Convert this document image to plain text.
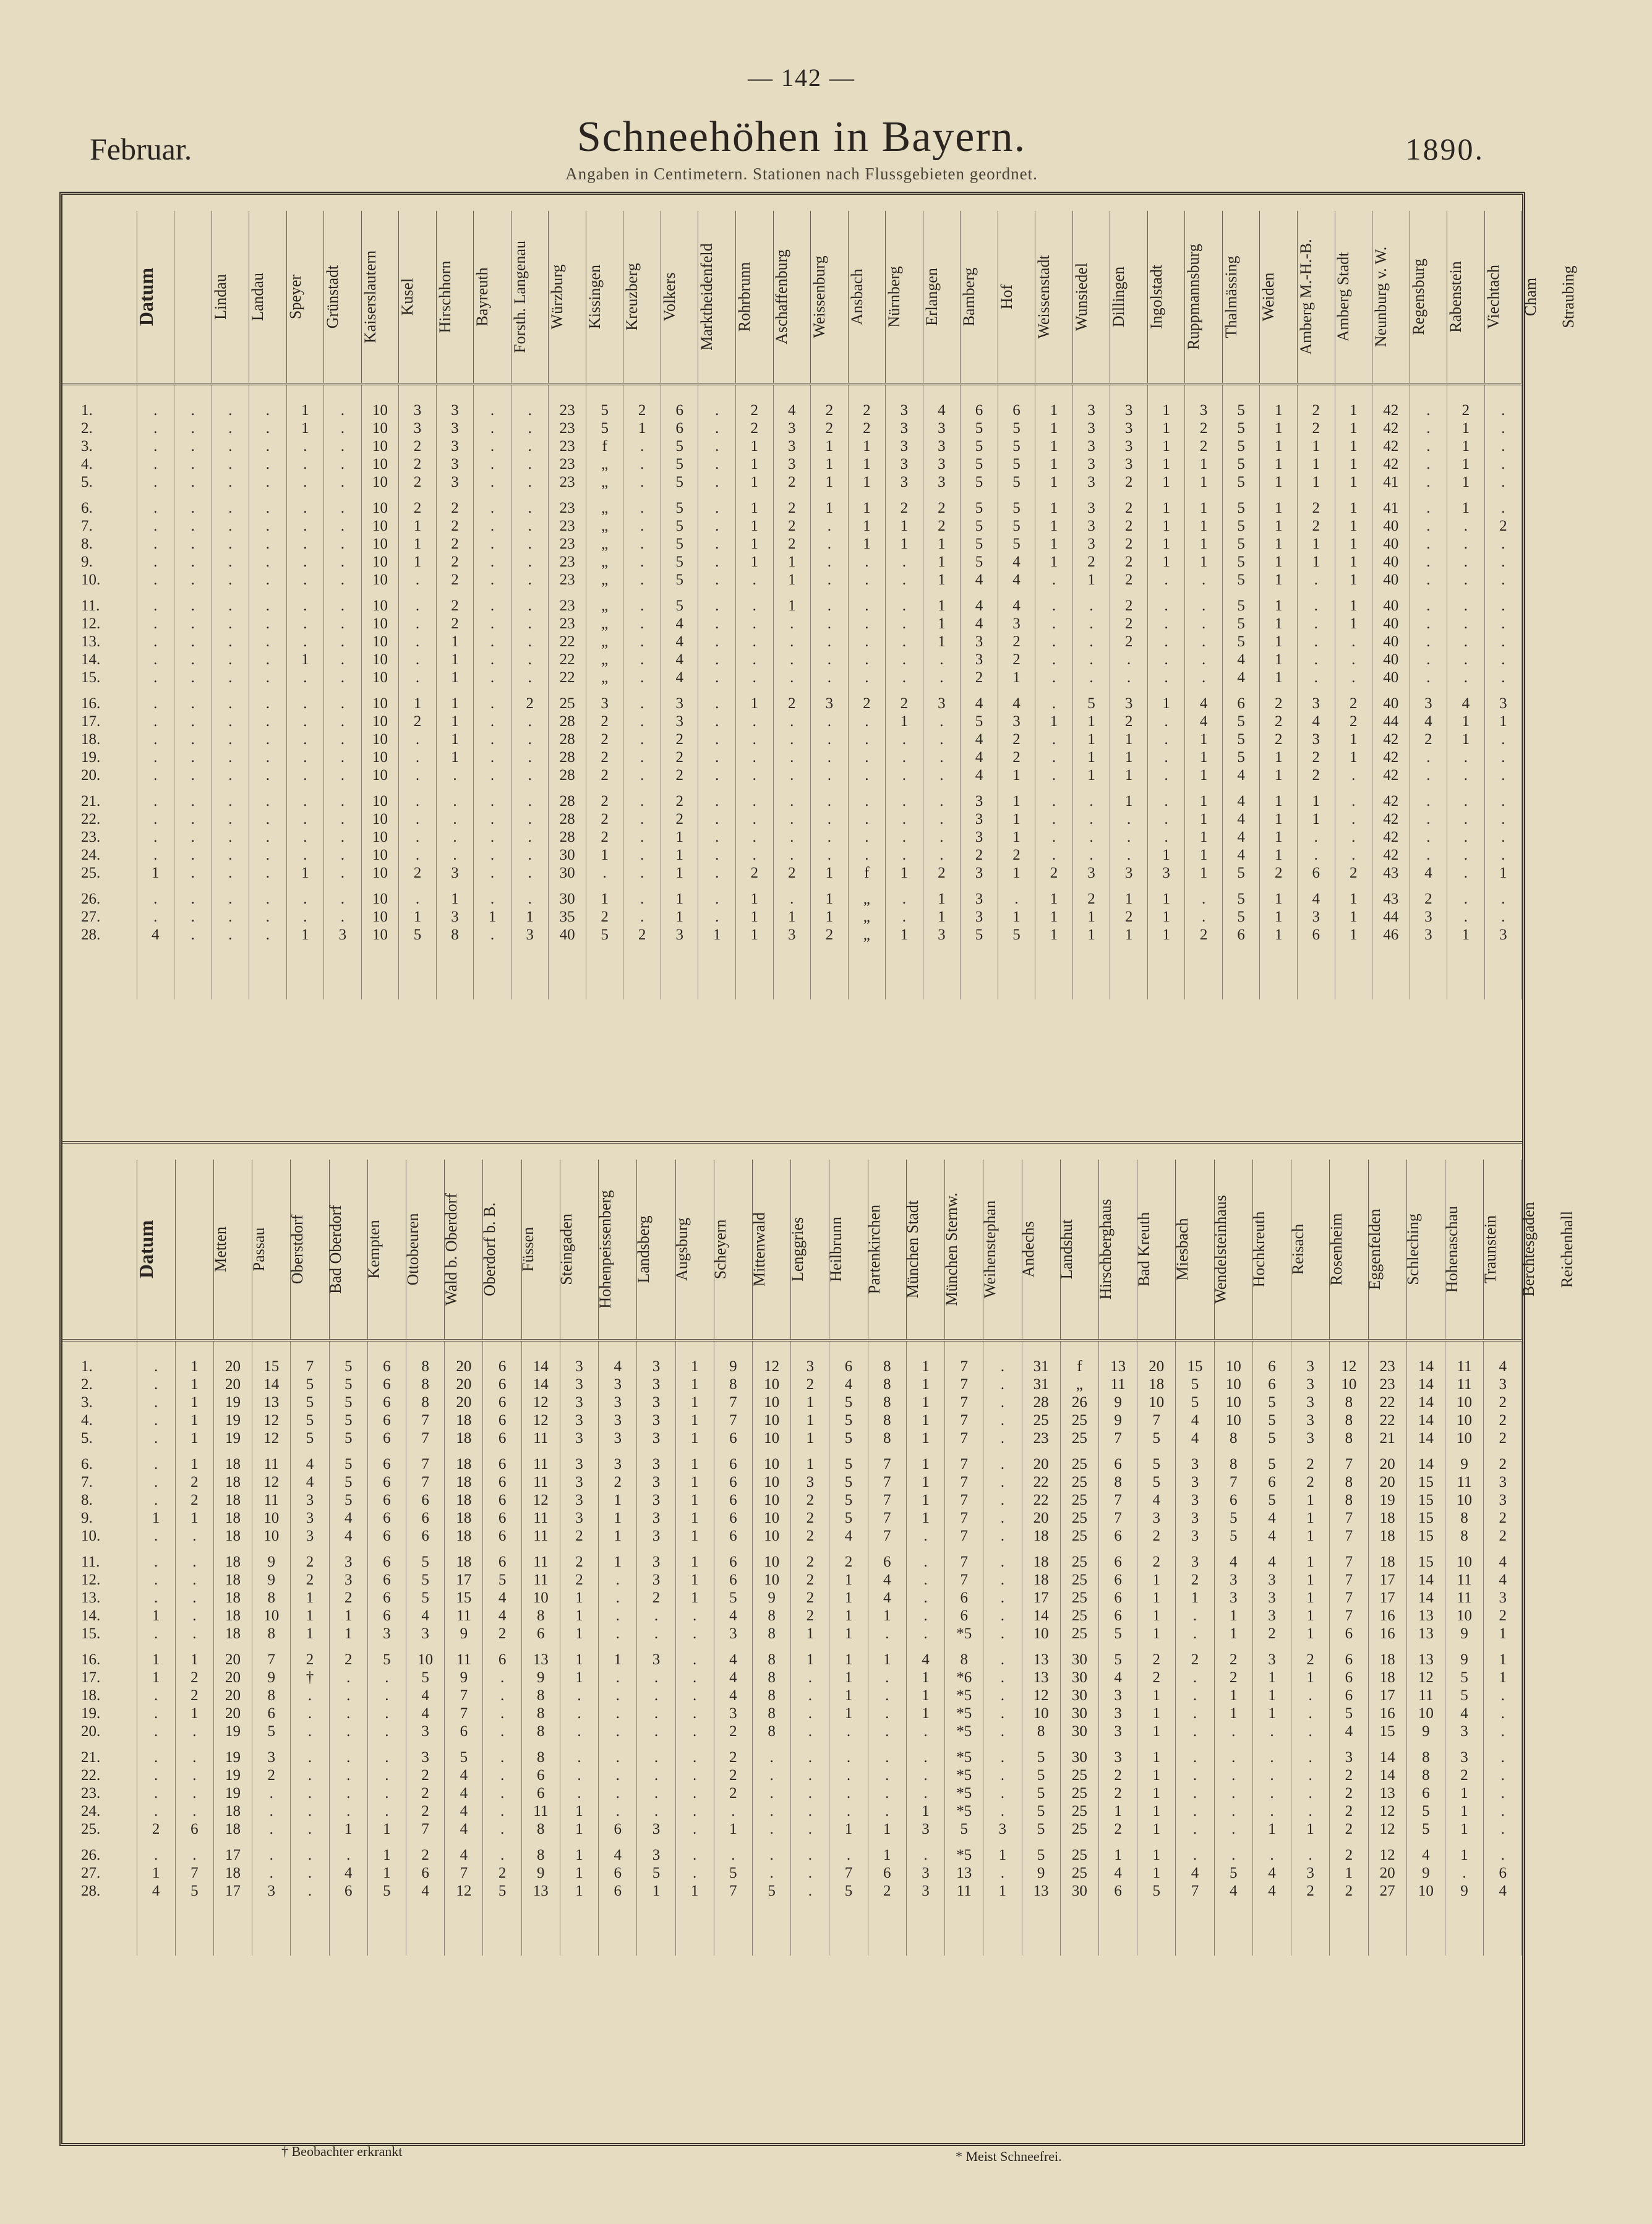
— 142 —
Februar.	Schneehöhen in Bayern.
Angaben in Centimetern. Stationen nach Flussgebieten geordnet.
1890.
Datum	Lindau	Landau	Speyer	Grünstadt	Kaiserslautern	Kusel	Hirschhorn	Bayreuth	Forsth. Langenau	Würzburg	Kissingen	Kreuzberg	Volkers	Marktheidenfeld	Rohrbrunn	Aschaffenburg	Weissenburg	Ansbach	Nürnberg	Erlangen	Bamberg	Hof	Weissenstadt	Wunsiedel	Dillingen	Ingolstadt	Ruppmannsburg	Thalmässing	Weiden	Amberg M.-H.-B.	Amberg Stadt	Neunburg v. W.	Regensburg	Rabenstein	Viechtach	Cham	Straubing

1.	.	.	.	.	1	.	10	3	3	.	.	23	5	2	6	.	2	4	2	2	3	4	6	6	1	3	3	1	3	5	1	2	1	42	.	2	.
2.	.	.	.	.	1	.	10	3	3	.	.	23	5	1	6	.	2	3	2	2	3	3	5	5	1	3	3	1	2	5	1	2	1	42	.	1	.
3.	.	.	.	.	.	.	10	2	3	.	.	23	f	.	5	.	1	3	1	1	3	3	5	5	1	3	3	1	2	5	1	1	1	42	.	1	.
4.	.	.	.	.	.	.	10	2	3	.	.	23	„	.	5	.	1	3	1	1	3	3	5	5	1	3	3	1	1	5	1	1	1	42	.	1	.
5.	.	.	.	.	.	.	10	2	3	.	.	23	„	.	5	.	1	2	1	1	3	3	5	5	1	3	2	1	1	5	1	1	1	41	.	1	.

6.	.	.	.	.	.	.	10	2	2	.	.	23	„	.	5	.	1	2	1	1	2	2	5	5	1	3	2	1	1	5	1	2	1	41	.	1	.
7.	.	.	.	.	.	.	10	1	2	.	.	23	„	.	5	.	1	2	.	1	1	2	5	5	1	3	2	1	1	5	1	2	1	40	.	.	2
8.	.	.	.	.	.	.	10	1	2	.	.	23	„	.	5	.	1	2	.	1	1	1	5	5	1	3	2	1	1	5	1	1	1	40	.	.	.
9.	.	.	.	.	.	.	10	1	2	.	.	23	„	.	5	.	1	1	.	.	.	1	5	4	1	2	2	1	1	5	1	1	1	40	.	.	.
10.	.	.	.	.	.	.	10	.	2	.	.	23	„	.	5	.	.	1	.	.	.	1	4	4	.	1	2	.	.	5	1	.	1	40	.	.	.

11.	.	.	.	.	.	.	10	.	2	.	.	23	„	.	5	.	.	1	.	.	.	1	4	4	.	.	2	.	.	5	1	.	1	40	.	.	.
12.	.	.	.	.	.	.	10	.	2	.	.	23	„	.	4	.	.	.	.	.	.	1	4	3	.	.	2	.	.	5	1	.	1	40	.	.	.
13.	.	.	.	.	.	.	10	.	1	.	.	22	„	.	4	.	.	.	.	.	.	1	3	2	.	.	2	.	.	5	1	.	.	40	.	.	.
14.	.	.	.	.	1	.	10	.	1	.	.	22	„	.	4	.	.	.	.	.	.	.	3	2	.	.	.	.	.	4	1	.	.	40	.	.	.
15.	.	.	.	.	.	.	10	.	1	.	.	22	„	.	4	.	.	.	.	.	.	.	2	1	.	.	.	.	.	4	1	.	.	40	.	.	.

16.	.	.	.	.	.	.	10	1	1	.	2	25	3	.	3	.	1	2	3	2	2	3	4	4	.	5	3	1	4	6	2	3	2	40	3	4	3
17.	.	.	.	.	.	.	10	2	1	.	.	28	2	.	3	.	.	.	.	.	1	.	5	3	1	1	2	.	4	5	2	4	2	44	4	1	1
18.	.	.	.	.	.	.	10	.	1	.	.	28	2	.	2	.	.	.	.	.	.	.	4	2	.	1	1	.	1	5	2	3	1	42	2	1	.
19.	.	.	.	.	.	.	10	.	1	.	.	28	2	.	2	.	.	.	.	.	.	.	4	2	.	1	1	.	1	5	1	2	1	42	.	.	.
20.	.	.	.	.	.	.	10	.	.	.	.	28	2	.	2	.	.	.	.	.	.	.	4	1	.	1	1	.	1	4	1	2	.	42	.	.	.

21.	.	.	.	.	.	.	10	.	.	.	.	28	2	.	2	.	.	.	.	.	.	.	3	1	.	.	1	.	1	4	1	1	.	42	.	.	.
22.	.	.	.	.	.	.	10	.	.	.	.	28	2	.	2	.	.	.	.	.	.	.	3	1	.	.	.	.	1	4	1	1	.	42	.	.	.
23.	.	.	.	.	.	.	10	.	.	.	.	28	2	.	1	.	.	.	.	.	.	.	3	1	.	.	.	.	1	4	1	.	.	42	.	.	.
24.	.	.	.	.	.	.	10	.	.	.	.	30	1	.	1	.	.	.	.	.	.	.	2	2	.	.	.	1	1	4	1	.	.	42	.	.	.
25.	1	.	.	.	1	.	10	2	3	.	.	30	.	.	1	.	2	2	1	f	1	2	3	1	2	3	3	3	1	5	2	6	2	43	4	.	1

26.	.	.	.	.	.	.	10	.	1	.	.	30	1	.	1	.	1	.	1	„	.	1	3	.	1	2	1	1	.	5	1	4	1	43	2	.	.
27.	.	.	.	.	.	.	10	1	3	1	1	35	2	.	1	.	1	1	1	„	.	1	3	1	1	1	2	1	.	5	1	3	1	44	3	.	.
28.	4	.	.	.	1	3	10	5	8	.	3	40	5	2	3	1	1	3	2	„	1	3	5	5	1	1	1	1	2	6	1	6	1	46	3	1	3

Datum	Metten	Passau	Oberstdorf	Bad Oberdorf	Kempten	Ottobeuren	Wald b. Oberdorf	Oberdorf b. B.	Füssen	Steingaden	Hohenpeissenberg	Landsberg	Augsburg	Scheyern	Mittenwald	Lenggries	Heilbrunn	Partenkirchen	München Stadt	München Sternw.	Weihenstephan	Andechs	Landshut	Hirschberghaus	Bad Kreuth	Miesbach	Wendelsteinhaus	Hochkreuth	Reisach	Rosenheim	Eggenfelden	Schleching	Hohenaschau	Traunstein	Berchtesgaden	Reichenhall

1.	.	1	20	15	7	5	6	8	20	6	14	3	4	3	1	9	12	3	6	8	1	7	.	31	f	13	20	15	10	6	3	12	23	14	11	4
2.	.	1	20	14	5	5	6	8	20	6	14	3	3	3	1	8	10	2	4	8	1	7	.	31	„	11	18	5	10	6	3	10	23	14	11	3
3.	.	1	19	13	5	5	6	8	20	6	12	3	3	3	1	7	10	1	5	8	1	7	.	28	26	9	10	5	10	5	3	8	22	14	10	2
4.	.	1	19	12	5	5	6	7	18	6	12	3	3	3	1	7	10	1	5	8	1	7	.	25	25	9	7	4	10	5	3	8	22	14	10	2
5.	.	1	19	12	5	5	6	7	18	6	11	3	3	3	1	6	10	1	5	8	1	7	.	23	25	7	5	4	8	5	3	8	21	14	10	2

6.	.	1	18	11	4	5	6	7	18	6	11	3	3	3	1	6	10	1	5	7	1	7	.	20	25	6	5	3	8	5	2	7	20	14	9	2
7.	.	2	18	12	4	5	6	7	18	6	11	3	2	3	1	6	10	3	5	7	1	7	.	22	25	8	5	3	7	6	2	8	20	15	11	3
8.	.	2	18	11	3	5	6	6	18	6	12	3	1	3	1	6	10	2	5	7	1	7	.	22	25	7	4	3	6	5	1	8	19	15	10	3
9.	1	1	18	10	3	4	6	6	18	6	11	3	1	3	1	6	10	2	5	7	1	7	.	20	25	7	3	3	5	4	1	7	18	15	8	2
10.	.	.	18	10	3	4	6	6	18	6	11	2	1	3	1	6	10	2	4	7	.	7	.	18	25	6	2	3	5	4	1	7	18	15	8	2

11.	.	.	18	9	2	3	6	5	18	6	11	2	1	3	1	6	10	2	2	6	.	7	.	18	25	6	2	3	4	4	1	7	18	15	10	4
12.	.	.	18	9	2	3	6	5	17	5	11	2	.	3	1	6	10	2	1	4	.	7	.	18	25	6	1	2	3	3	1	7	17	14	11	4
13.	.	.	18	8	1	2	6	5	15	4	10	1	.	2	1	5	9	2	1	4	.	6	.	17	25	6	1	1	3	3	1	7	17	14	11	3
14.	1	.	18	10	1	1	6	4	11	4	8	1	.	.	.	4	8	2	1	1	.	6	.	14	25	6	1	.	1	3	1	7	16	13	10	2
15.	.	.	18	8	1	1	3	3	9	2	6	1	.	.	.	3	8	1	1	.	.	*5	.	10	25	5	1	.	1	2	1	6	16	13	9	1

16.	1	1	20	7	2	2	5	10	11	6	13	1	1	3	.	4	8	1	1	1	4	8	.	13	30	5	2	2	2	3	2	6	18	13	9	1
17.	1	2	20	9	†	.	.	5	9	.	9	1	.	.	.	4	8	.	1	.	1	*6	.	13	30	4	2	.	2	1	1	6	18	12	5	1
18.	.	2	20	8	.	.	.	4	7	.	8	.	.	.	.	4	8	.	1	.	1	*5	.	12	30	3	1	.	1	1	.	6	17	11	5	.
19.	.	1	20	6	.	.	.	4	7	.	8	.	.	.	.	3	8	.	1	.	1	*5	.	10	30	3	1	.	1	1	.	5	16	10	4	.
20.	.	.	19	5	.	.	.	3	6	.	8	.	.	.	.	2	8	.	.	.	.	*5	.	8	30	3	1	.	.	.	.	4	15	9	3	.

21.	.	.	19	3	.	.	.	3	5	.	8	.	.	.	.	2	.	.	.	.	.	*5	.	5	30	3	1	.	.	.	.	3	14	8	3	.
22.	.	.	19	2	.	.	.	2	4	.	6	.	.	.	.	2	.	.	.	.	.	*5	.	5	25	2	1	.	.	.	.	2	14	8	2	.
23.	.	.	19	.	.	.	.	2	4	.	6	.	.	.	.	2	.	.	.	.	.	*5	.	5	25	2	1	.	.	.	.	2	13	6	1	.
24.	.	.	18	.	.	.	.	2	4	.	11	1	.	.	.	.	.	.	.	.	1	*5	.	5	25	1	1	.	.	.	.	2	12	5	1	.
25.	2	6	18	.	.	1	1	7	4	.	8	1	6	3	.	1	.	.	1	1	3	5	3	5	25	2	1	.	.	1	1	2	12	5	1	.

26.	.	.	17	.	.	.	1	2	4	.	8	1	4	3	.	.	.	.	.	1	.	*5	1	5	25	1	1	.	.	.	.	2	12	4	1	.
27.	1	7	18	.	.	4	1	6	7	2	9	1	6	5	.	5	.	.	7	6	3	13	.	9	25	4	1	4	5	4	3	1	20	9	.	6
28.	4	5	17	3	.	6	5	4	12	5	13	1	6	1	1	7	5	.	5	2	3	11	1	13	30	6	5	7	4	4	2	2	27	10	9	4

† Beobachter erkrankt	* Meist Schneefrei.
